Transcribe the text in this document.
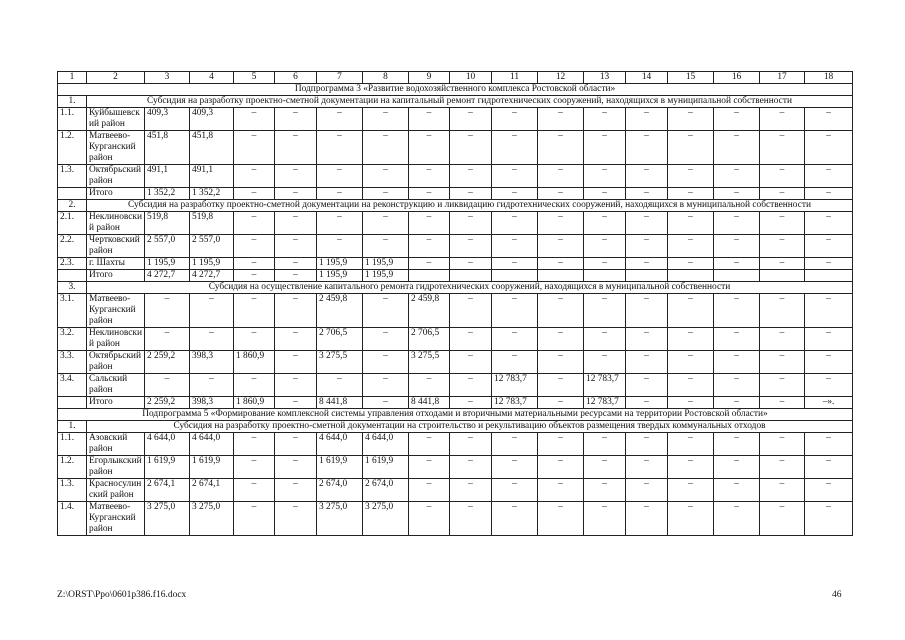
1	2	3	4	5	6	7	8	9	10	11	12	13	14	15	16	17	18
Подпрограмма 3 «Развитие водохозяйственного комплекса Ростовской области»																	
1.	Субсидия на разработку проектно-сметной документации на капитальный ремонт гидротехнических сооружений, находящихся в муниципальной собственности																
1.1.	Куйбышевский район	409,3	409,3	–	–	–	–	–	–	–	–	–	–	–	–	–	–
1.2.	Матвеево-Курганский район	451,8	451,8	–	–	–	–	–	–	–	–	–	–	–	–	–	–
1.3.	Октябрьский район	491,1	491,1	–	–	–	–	–	–	–	–	–	–	–	–	–	–
	Итого	1 352,2	1 352,2	–	–	–	–	–	–	–	–	–	–	–	–	–	–
2.	Субсидия на разработку проектно-сметной документации на реконструкцию и ликвидацию гидротехнических сооружений, находящихся в муниципальной собственности																
2.1.	Неклиновский район	519,8	519,8	–	–	–	–	–	–	–	–	–	–	–	–	–	–
2.2.	Чертковский район	2 557,0	2 557,0	–	–	–	–	–	–	–	–	–	–	–	–	–	–
2.3.	г. Шахты	1 195,9	1 195,9	–	–	1 195,9	1 195,9	–	–	–	–	–	–	–	–	–	–
	Итого	4 272,7	4 272,7	–	–	1 195,9	1 195,9										
3.	Субсидия на осуществление капитального ремонта гидротехнических сооружений, находящихся в муниципальной собственности																
3.1.	Матвеево-Курганский район	–	–	–	–	2 459,8	–	2 459,8	–	–	–	–	–	–	–	–	–
3.2.	Неклиновский район	–	–	–	–	2 706,5	–	2 706,5	–	–	–	–	–	–	–	–	–
3.3.	Октябрьский район	2 259,2	398,3	1 860,9	–	3 275,5	–	3 275,5	–	–	–	–	–	–	–	–	–
3.4.	Сальский район	–	–	–	–	–	–	–	–	12 783,7	–	12 783,7	–	–	–	–	–
	Итого	2 259,2	398,3	1 860,9	–	8 441,8	–	8 441,8	–	12 783,7	–	12 783,7	–	–	–	–	–».
Подпрограмма 5 «Формирование комплексной системы управления отходами и вторичными материальными ресурсами на территории Ростовской области»																	
1.	Субсидия на разработку проектно-сметной документации на строительство и рекультивацию объектов размещения твердых коммунальных отходов																
1.1.	Азовский район	4 644,0	4 644,0	–	–	4 644,0	4 644,0	–	–	–	–	–	–	–	–	–	–
1.2.	Егорлыкский район	1 619,9	1 619,9	–	–	1 619,9	1 619,9	–	–	–	–	–	–	–	–	–	–
1.3.	Красносулинский район	2 674,1	2 674,1	–	–	2 674,0	2 674,0	–	–	–	–	–	–	–	–	–	–
1.4.	Матвеево-Курганский район	3 275,0	3 275,0	–	–	3 275,0	3 275,0	–	–	–	–	–	–	–	–	–	–
Z:\ORST\Ppo\0601p386.f16.docx	46
